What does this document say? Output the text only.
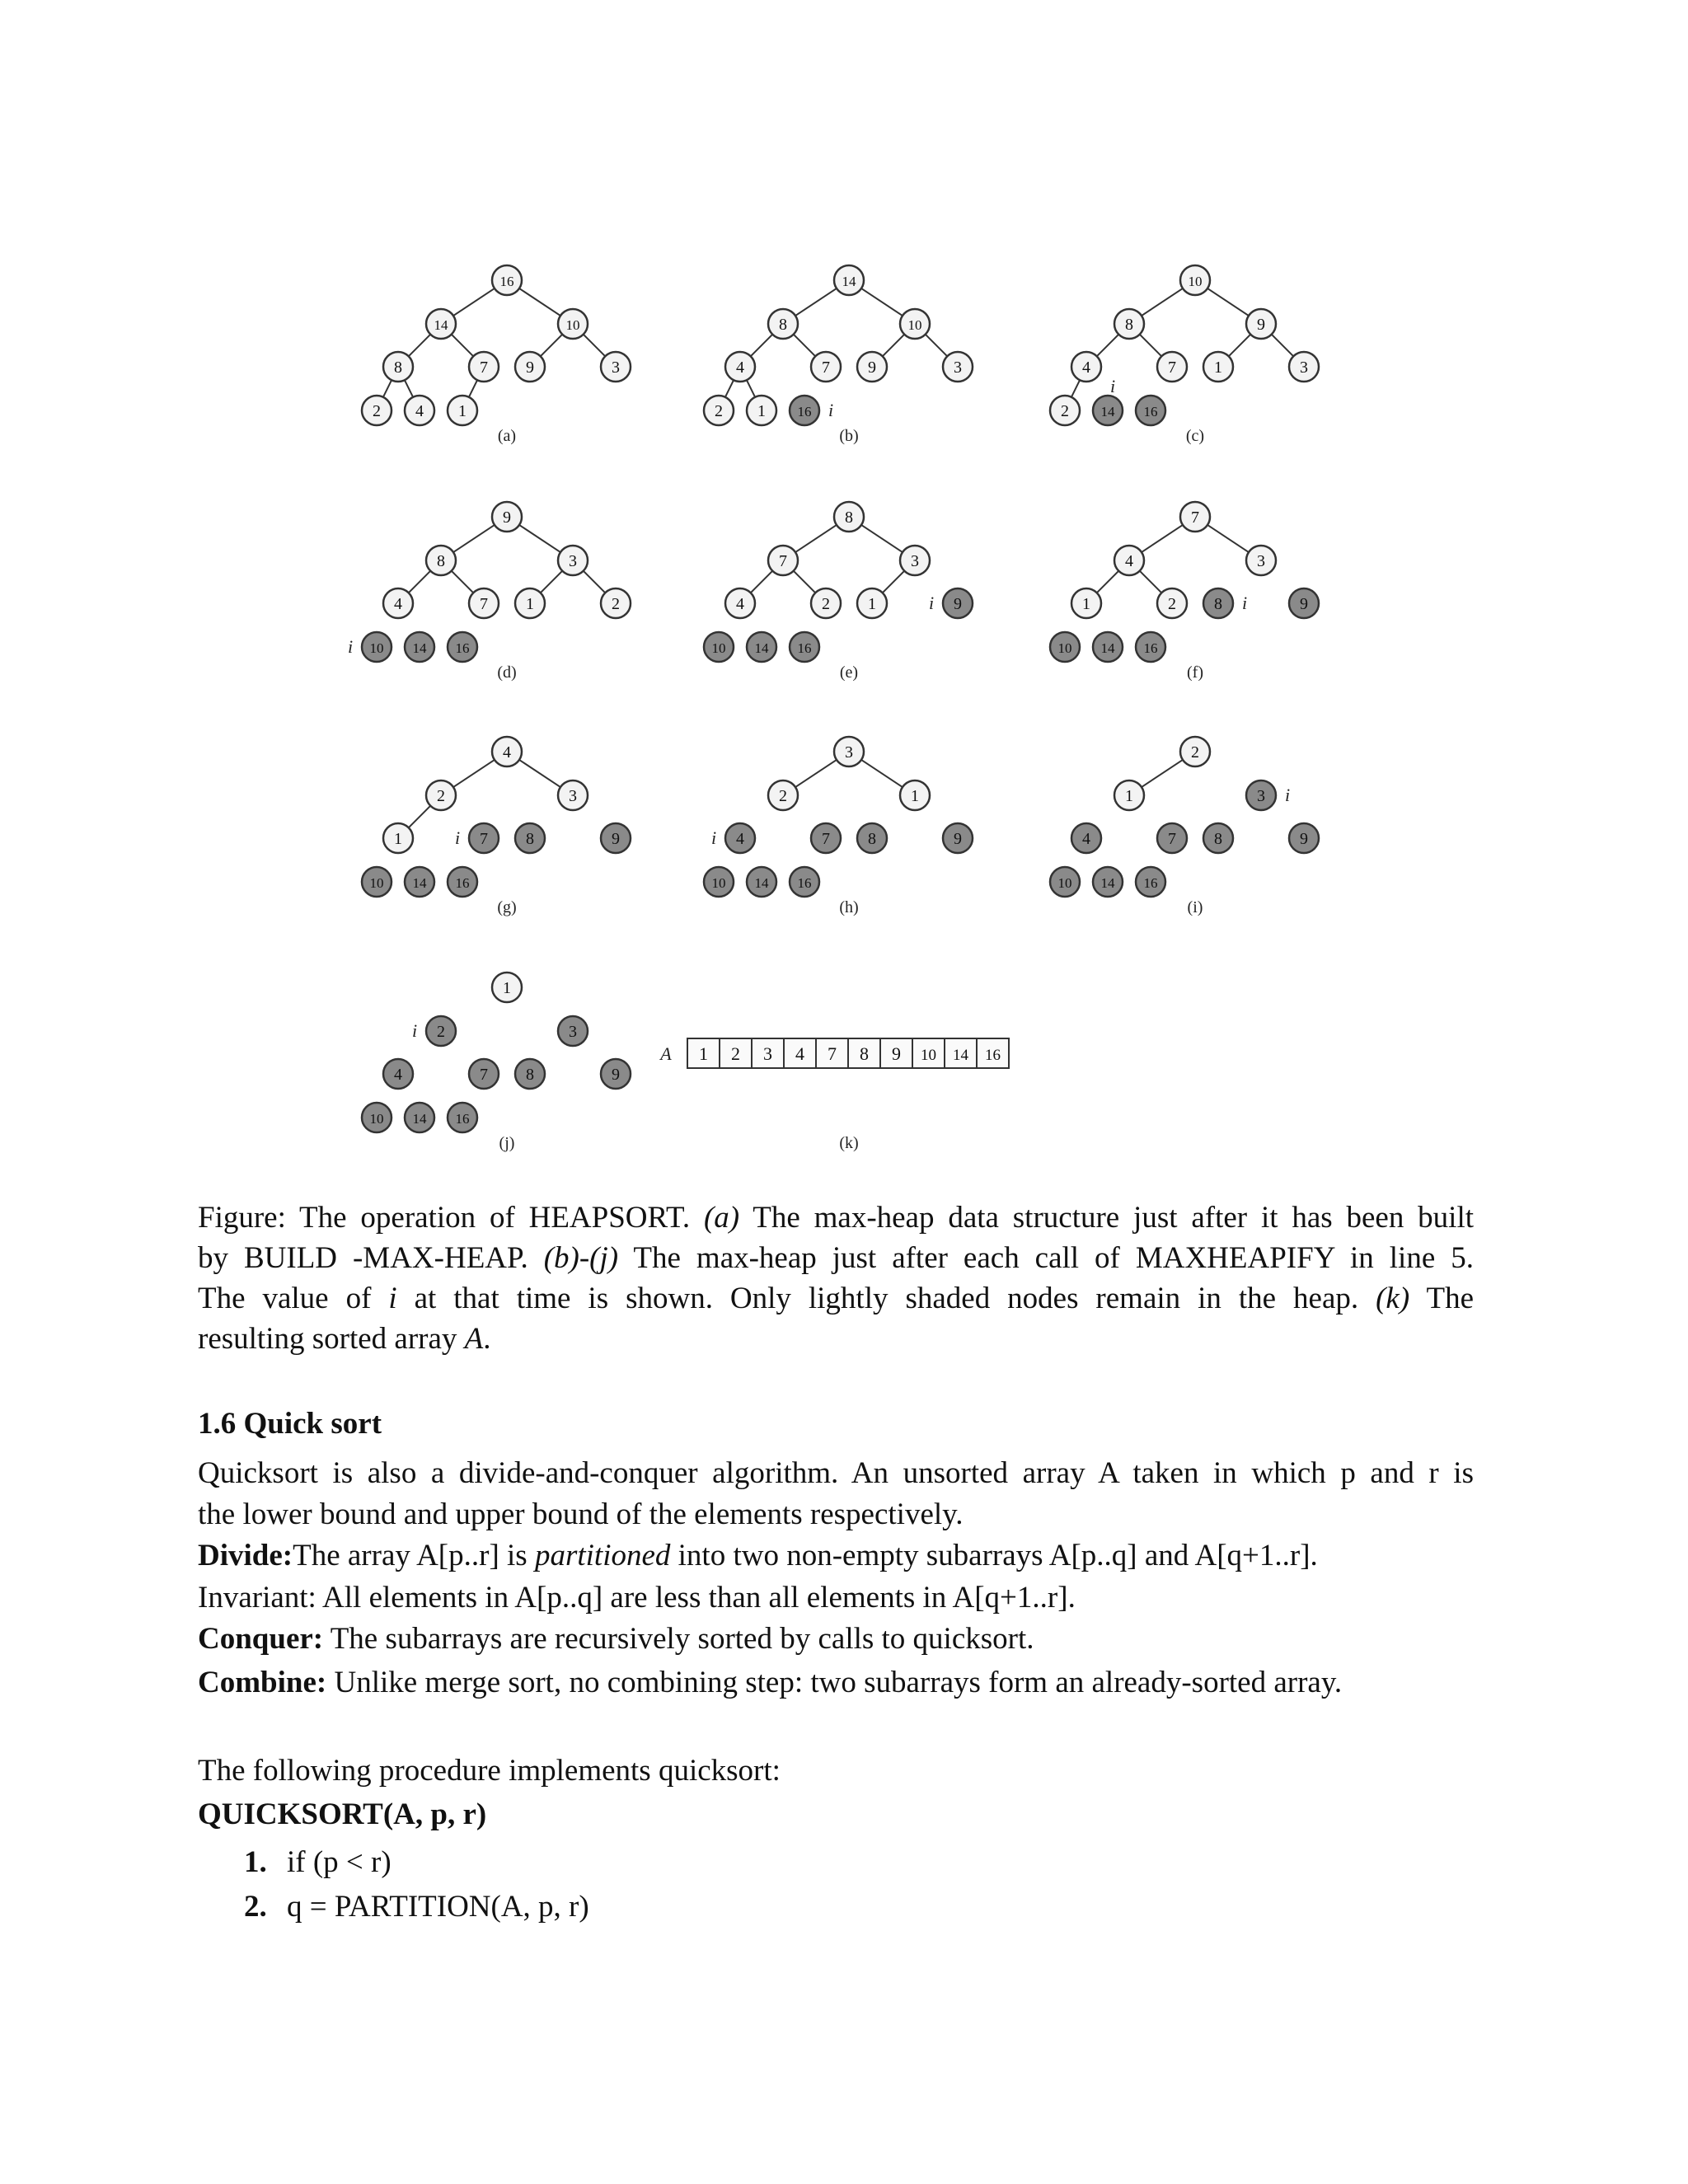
16
14	10
8	7 9	3
2 4 1
(a)
14
8	10
4	7 9	3
2 1 16 i
(b)
10
8	9
4	7 1	3
2 14 16
i
(c)
9
8	3
4	7 1	2
10 14 16
i
(d)
8
7	3
4	2 1	9
10 14 16
i
(e)
7
4	3
1	2 8	9
10 14 16
i
(f)
4
2	3
1	7 8	9
10 14 16
i
(g)
3
2	1
4	7 8	9
10 14 16
i
(h)
2
1	3
4	7 8	9
10 14 16
i
(i)
1
2	3
4	7 8	9
10 14 16
i
(j)
A 1 2 3 4 7 8 9 10 14 16
(k)
Figure: The operation of HEAPSORT. (a) The max-heap data structure just after it has been built
by BUILD -MAX-HEAP. (b)-(j) The max-heap just after each call of MAXHEAPIFY in line 5.
The value of i at that time is shown. Only lightly shaded nodes remain in the heap. (k) The
resulting sorted array A.
1.6 Quick sort
Quicksort is also a divide-and-conquer algorithm. An unsorted array A taken in which p and r is
the lower bound and upper bound of the elements respectively.
Divide:The array A[p..r] is partitioned into two non-empty subarrays A[p..q] and A[q+1..r].
Invariant: All elements in A[p..q] are less than all elements in A[q+1..r].
Conquer: The subarrays are recursively sorted by calls to quicksort.
Combine: Unlike merge sort, no combining step: two subarrays form an already-sorted array.
The following procedure implements quicksort:
QUICKSORT(A, p, r)
1. if (p < r)
2. q = PARTITION(A, p, r)
